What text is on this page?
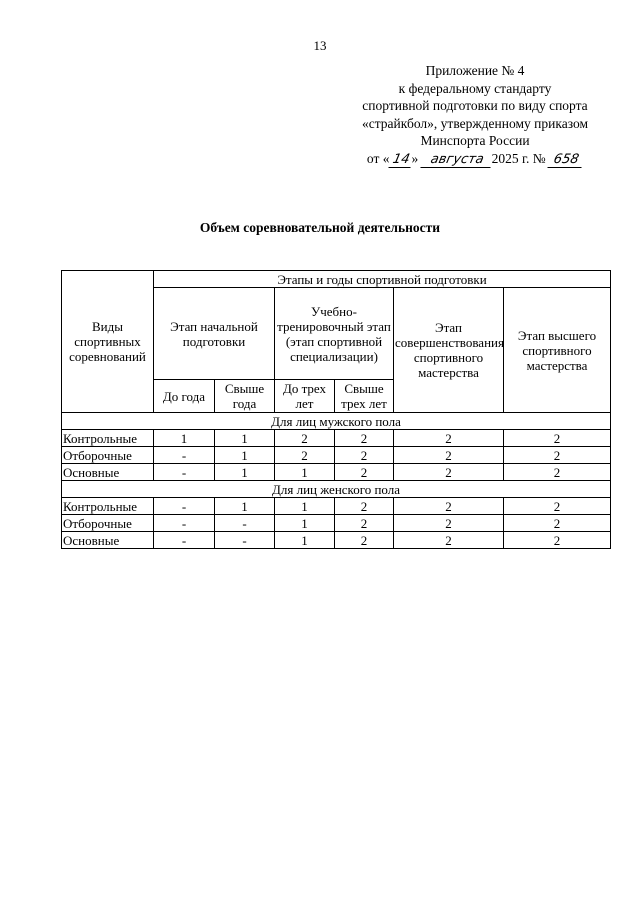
13
Приложение № 4
к федеральному стандарту
спортивной подготовки по виду спорта
«страйкбол», утвержденному приказом
Минспорта России
от «14» августа 2025 г. № 658
Объем соревновательной деятельности
Виды спортивных соревнований	Этапы и годы спортивной подготовки					
	Этап начальной подготовки		Учебно-тренировочный этап (этап спортивной специализации)		Этап совершенствования спортивного мастерства	Этап высшего спортивного мастерства
	До года	Свыше года	До трех лет	Свыше трех лет		
Для лиц мужского пола						
Контрольные	1	1	2	2	2	2
Отборочные	-	1	2	2	2	2
Основные	-	1	1	2	2	2
Для лиц женского пола						
Контрольные	-	1	1	2	2	2
Отборочные	-	-	1	2	2	2
Основные	-	-	1	2	2	2
